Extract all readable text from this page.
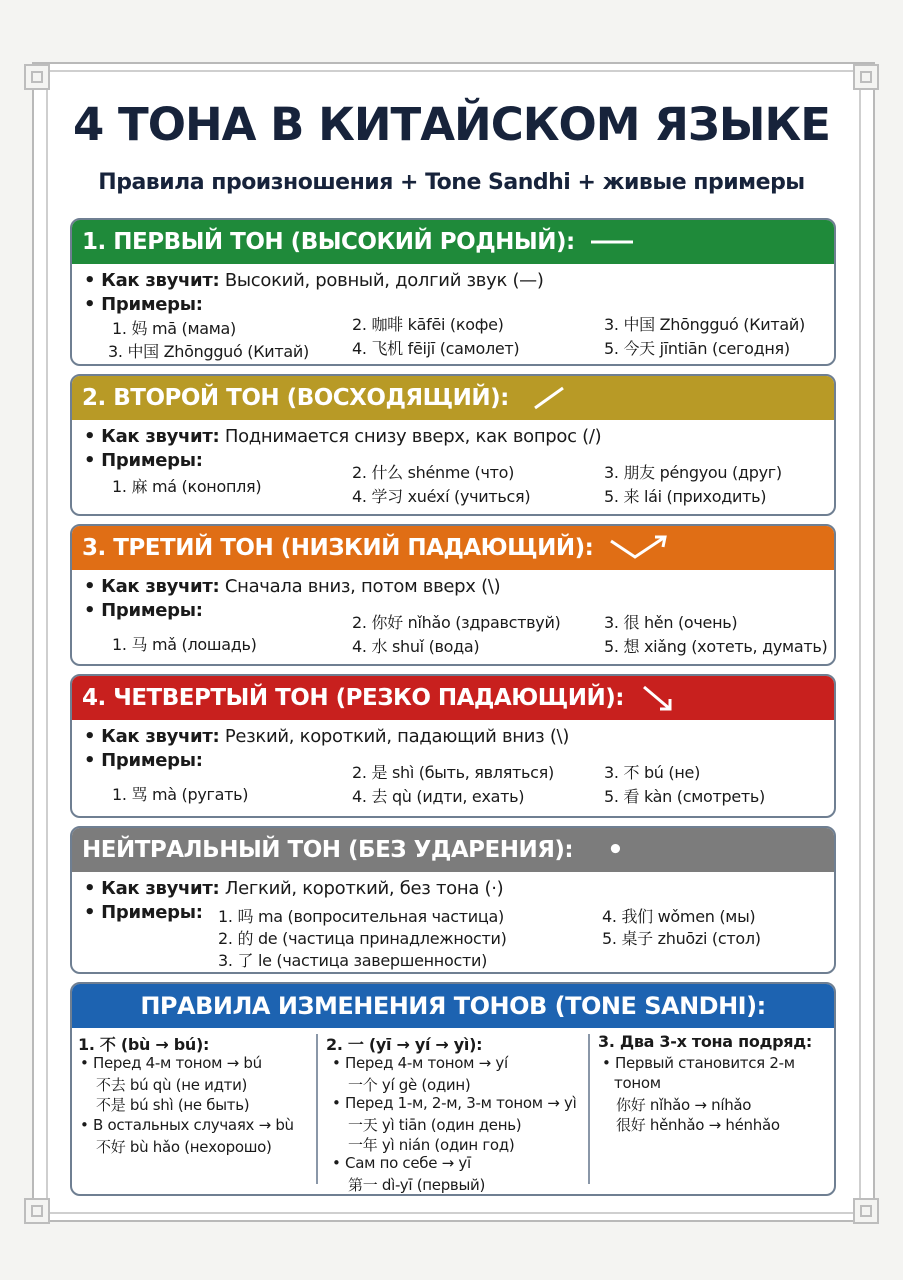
4 ТОНА В КИТАЙСКОМ ЯЗЫКЕ
Правила произношения + Tone Sandhi + живые примеры
1. ПЕРВЫЙ ТОН (ВЫСОКИЙ РОДНЫЙ):
• Как звучит: Высокий, ровный, долгий звук (—)
• Примеры:
1. 妈 mā (мама)
3. 中国 Zhōngguó (Китай)
2. 咖啡 kāfēi (кофе)
4. 飞机 fēijī (самолет)
3. 中国 Zhōngguó (Китай)
5. 今天 jīntiān (сегодня)
2. ВТОРОЙ ТОН (ВОСХОДЯЩИЙ):
• Как звучит: Поднимается снизу вверх, как вопрос (/)
• Примеры:
1. 麻 má (конопля)
2. 什么 shénme (что)
4. 学习 xuéxí (учиться)
3. 朋友 péngyou (друг)
5. 来 lái (приходить)
3. ТРЕТИЙ ТОН (НИЗКИЙ ПАДАЮЩИЙ):
• Как звучит: Сначала вниз, потом вверх (\)
• Примеры:
1. 马 mǎ (лошадь)
2. 你好 nǐhǎo (здравствуй)
4. 水 shuǐ (вода)
3. 很 hěn (очень)
5. 想 xiǎng (хотеть, думать)
4. ЧЕТВЕРТЫЙ ТОН (РЕЗКО ПАДАЮЩИЙ):
• Как звучит: Резкий, короткий, падающий вниз (\)
• Примеры:
1. 骂 mà (ругать)
2. 是 shì (быть, являться)
4. 去 qù (идти, ехать)
3. 不 bú (не)
5. 看 kàn (смотреть)
НЕЙТРАЛЬНЫЙ ТОН (БЕЗ УДАРЕНИЯ): •
• Как звучит: Легкий, короткий, без тона (·)
• Примеры: 1. 吗 ma (вопросительная частица)
2. 的 de (частица принадлежности)
3. 了 le (частица завершенности)
4. 我们 wǒmen (мы)
5. 桌子 zhuōzi (стол)
ПРАВИЛА ИЗМЕНЕНИЯ ТОНОВ (TONE SANDHI):
1. 不 (bù → bú):
• Перед 4-м тоном → bú
不去 bú qù (не идти)
不是 bú shì (не быть)
• В остальных случаях → bù
不好 bù hǎo (нехорошо)
2. 一 (yī → yí → yì):
• Перед 4-м тоном → yí
一个 yí gè (один)
• Перед 1-м, 2-м, 3-м тоном → yì
一天 yì tiān (один день)
一年 yì nián (один год)
• Сам по себе → yī
第一 dì-yī (первый)
3. Два 3-х тона подряд:
• Первый становится 2-м
тоном
你好 nǐhǎo → níhǎo
很好 hěnhǎo → hénhǎo
